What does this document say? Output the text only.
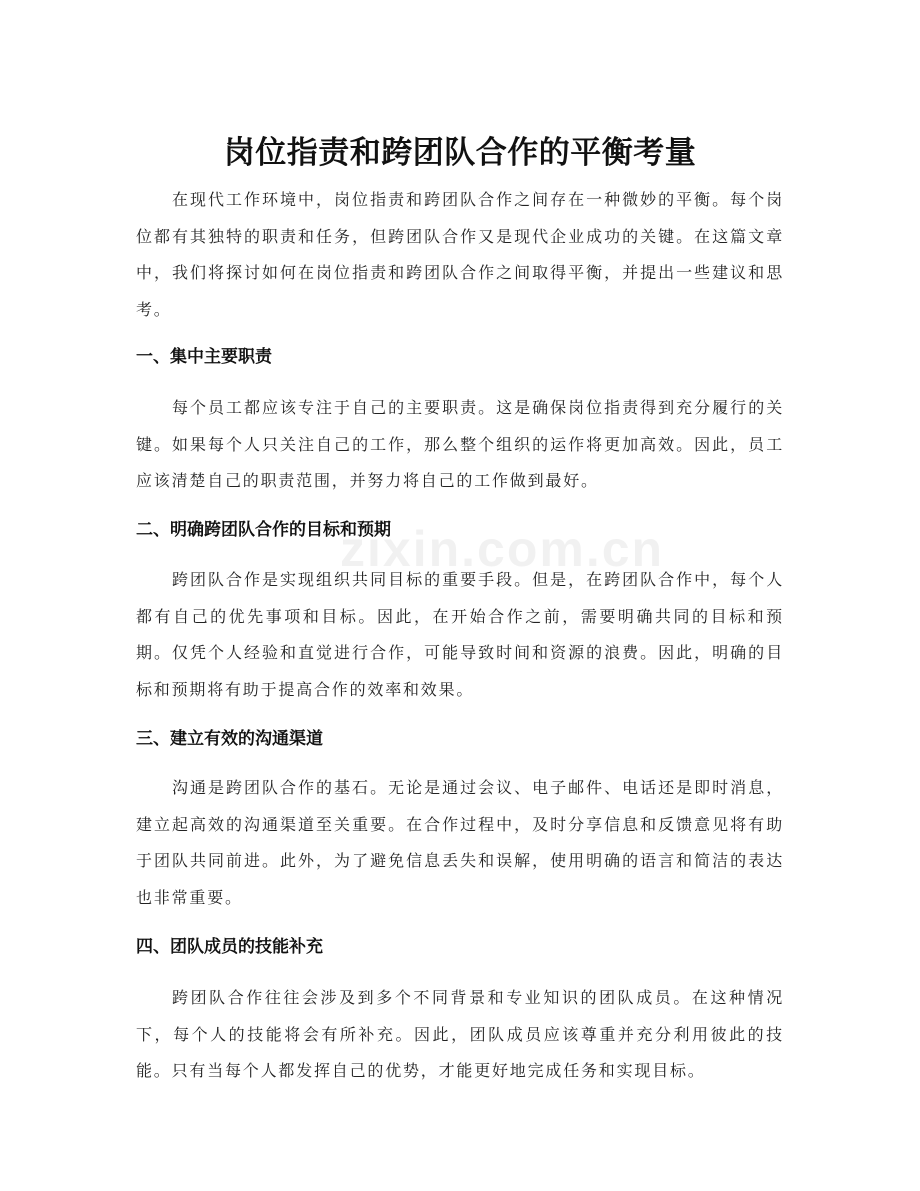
岗位指责和跨团队合作的平衡考量

在现代工作环境中，岗位指责和跨团队合作之间存在一种微妙的平衡。每个岗位都有其独特的职责和任务，但跨团队合作又是现代企业成功的关键。在这篇文章中，我们将探讨如何在岗位指责和跨团队合作之间取得平衡，并提出一些建议和思考。

一、集中主要职责

每个员工都应该专注于自己的主要职责。这是确保岗位指责得到充分履行的关键。如果每个人只关注自己的工作，那么整个组织的运作将更加高效。因此，员工应该清楚自己的职责范围，并努力将自己的工作做到最好。

二、明确跨团队合作的目标和预期

跨团队合作是实现组织共同目标的重要手段。但是，在跨团队合作中，每个人都有自己的优先事项和目标。因此，在开始合作之前，需要明确共同的目标和预期。仅凭个人经验和直觉进行合作，可能导致时间和资源的浪费。因此，明确的目标和预期将有助于提高合作的效率和效果。

三、建立有效的沟通渠道

沟通是跨团队合作的基石。无论是通过会议、电子邮件、电话还是即时消息，建立起高效的沟通渠道至关重要。在合作过程中，及时分享信息和反馈意见将有助于团队共同前进。此外，为了避免信息丢失和误解，使用明确的语言和简洁的表达也非常重要。

四、团队成员的技能补充

跨团队合作往往会涉及到多个不同背景和专业知识的团队成员。在这种情况下，每个人的技能将会有所补充。因此，团队成员应该尊重并充分利用彼此的技能。只有当每个人都发挥自己的优势，才能更好地完成任务和实现目标。

zixin.com.cn
